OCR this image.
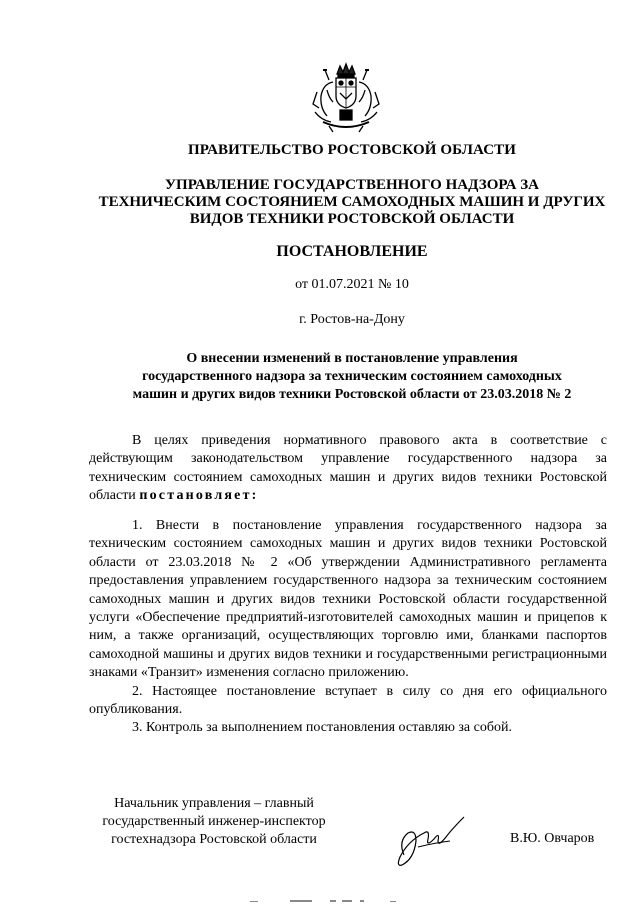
ПРАВИТЕЛЬСТВО РОСТОВСКОЙ ОБЛАСТИ
УПРАВЛЕНИЕ ГОСУДАРСТВЕННОГО НАДЗОРА ЗА
ТЕХНИЧЕСКИМ СОСТОЯНИЕМ САМОХОДНЫХ МАШИН И ДРУГИХ
ВИДОВ ТЕХНИКИ РОСТОВСКОЙ ОБЛАСТИ
ПОСТАНОВЛЕНИЕ
от 01.07.2021 № 10
г. Ростов-на-Дону
О внесении изменений в постановление управления
государственного надзора за техническим состоянием самоходных
машин и других видов техники Ростовской области от 23.03.2018 № 2

В целях приведения нормативного правового акта в соответствие с действующим законодательством управление государственного надзора за техническим состоянием самоходных машин и других видов техники Ростовской области постановляет:

1. Внести в постановление управления государственного надзора за техническим состоянием самоходных машин и других видов техники Ростовской области от 23.03.2018 № 2 «Об утверждении Административного регламента предоставления управлением государственного надзора за техническим состоянием самоходных машин и других видов техники Ростовской области государственной услуги «Обеспечение предприятий-изготовителей самоходных машин и прицепов к ним, а также организаций, осуществляющих торговлю ими, бланками паспортов самоходной машины и других видов техники и государственными регистрационными знаками «Транзит» изменения согласно приложению.

2. Настоящее постановление вступает в силу со дня его официального опубликования.

3. Контроль за выполнением постановления оставляю за собой.

Начальник управления – главный
государственный инженер-инспектор
гостехнадзора Ростовской области	В.Ю. Овчаров
